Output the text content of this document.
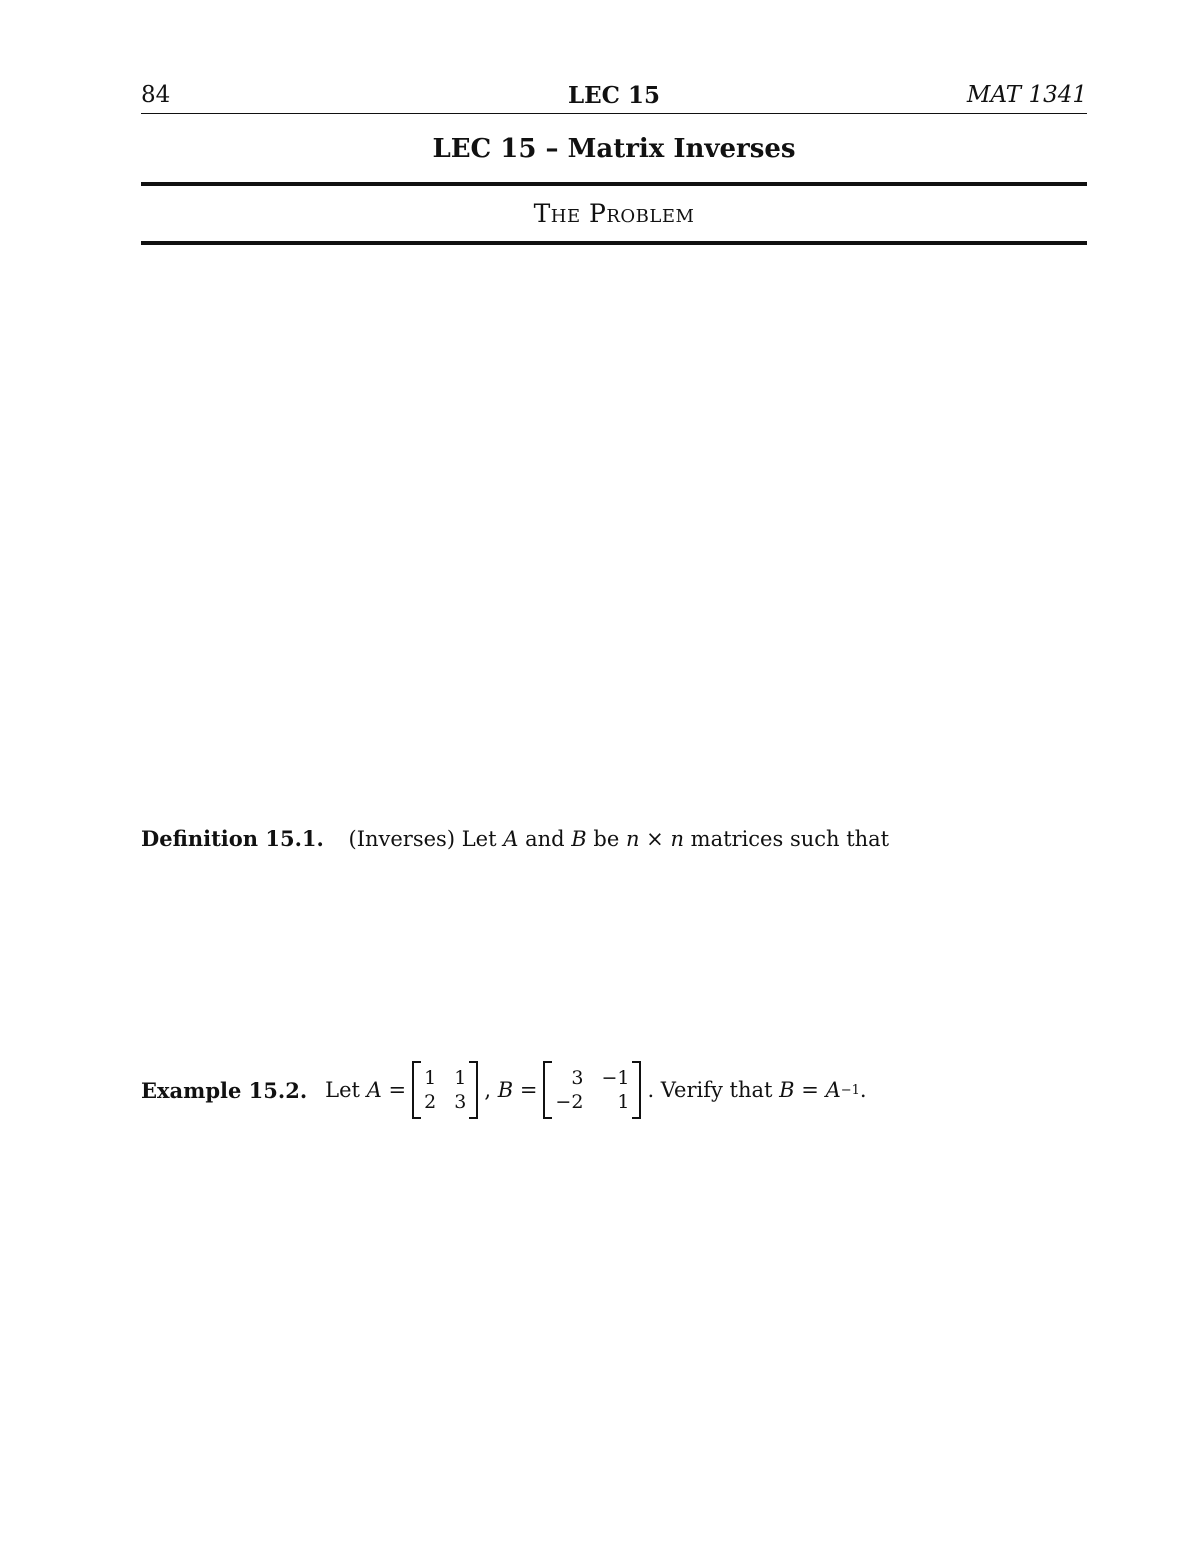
84	LEC 15	MAT 1341
LEC 15 – Matrix Inverses
The Problem
Definition 15.1. (Inverses) Let A and B be n × n matrices such that
Example 15.2. Let
A
= 1 1
2 3 ,
B
=	3 −1
−2	1 . Verify that
B
=
A −1 .
